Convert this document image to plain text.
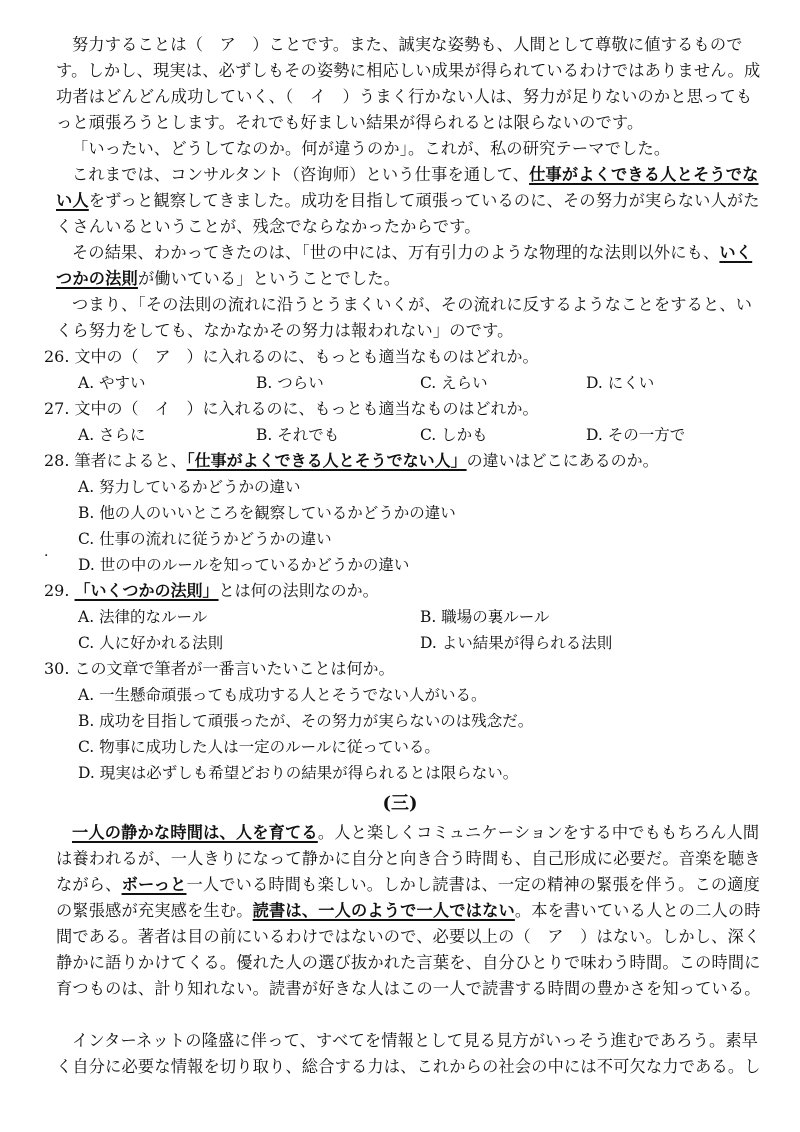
努力することは（　ア　）ことです。また、誠実な姿勢も、人間として尊敬に値するものです。しかし、現実は、必ずしもその姿勢に相応しい成果が得られているわけではありません。成功者はどんどん成功していく、（　イ　）うまく行かない人は、努力が足りないのかと思ってもっと頑張ろうとします。それでも好ましい結果が得られるとは限らないのです。
「いったい、どうしてなのか。何が違うのか」。これが、私の研究テーマでした。
これまでは、コンサルタント（咨询师）という仕事を通して、仕事がよくできる人とそうでない人をずっと観察してきました。成功を目指して頑張っているのに、その努力が実らない人がたくさんいるということが、残念でならなかったからです。
その結果、わかってきたのは、「世の中には、万有引力のような物理的な法則以外にも、いくつかの法則が働いている」ということでした。
つまり、「その法則の流れに沿うとうまくいくが、その流れに反するようなことをすると、いくら努力をしても、なかなかその努力は報われない」のです。
26. 文中の（　ア　）に入れるのに、もっとも適当なものはどれか。
A. やすい	B. つらい	C. えらい	D. にくい
27. 文中の（　イ　）に入れるのに、もっとも適当なものはどれか。
A. さらに	B. それでも	C. しかも	D. その一方で
28. 筆者によると、「仕事がよくできる人とそうでない人」の違いはどこにあるのか。
A. 努力しているかどうかの違い
B. 他の人のいいところを観察しているかどうかの違い
C. 仕事の流れに従うかどうかの違い
· D. 世の中のルールを知っているかどうかの違い
29. 「いくつかの法則」とは何の法則なのか。
A. 法律的なルール	B. 職場の裏ルール
C. 人に好かれる法則	D. よい結果が得られる法則
30. この文章で筆者が一番言いたいことは何か。
A. 一生懸命頑張っても成功する人とそうでない人がいる。
B. 成功を目指して頑張ったが、その努力が実らないのは残念だ。
C. 物事に成功した人は一定のルールに従っている。
D. 現実は必ずしも希望どおりの結果が得られるとは限らない。
(三)
一人の静かな時間は、人を育てる。人と楽しくコミュニケーションをする中でももちろん人間は養われるが、一人きりになって静かに自分と向き合う時間も、自己形成に必要だ。音楽を聴きながら、ボーっと一人でいる時間も楽しい。しかし読書は、一定の精神の緊張を伴う。この適度の緊張感が充実感を生む。読書は、一人のようで一人ではない。本を書いている人との二人の時間である。著者は目の前にいるわけではないので、必要以上の（　ア　）はない。しかし、深く静かに語りかけてくる。優れた人の選び抜かれた言葉を、自分ひとりで味わう時間。この時間に育つものは、計り知れない。読書が好きな人はこの一人で読書する時間の豊かさを知っている。
インターネットの隆盛に伴って、すべてを情報として見る見方がいっそう進むであろう。素早く自分に必要な情報を切り取り、総合する力は、これからの社会の中には不可欠な力である。し
